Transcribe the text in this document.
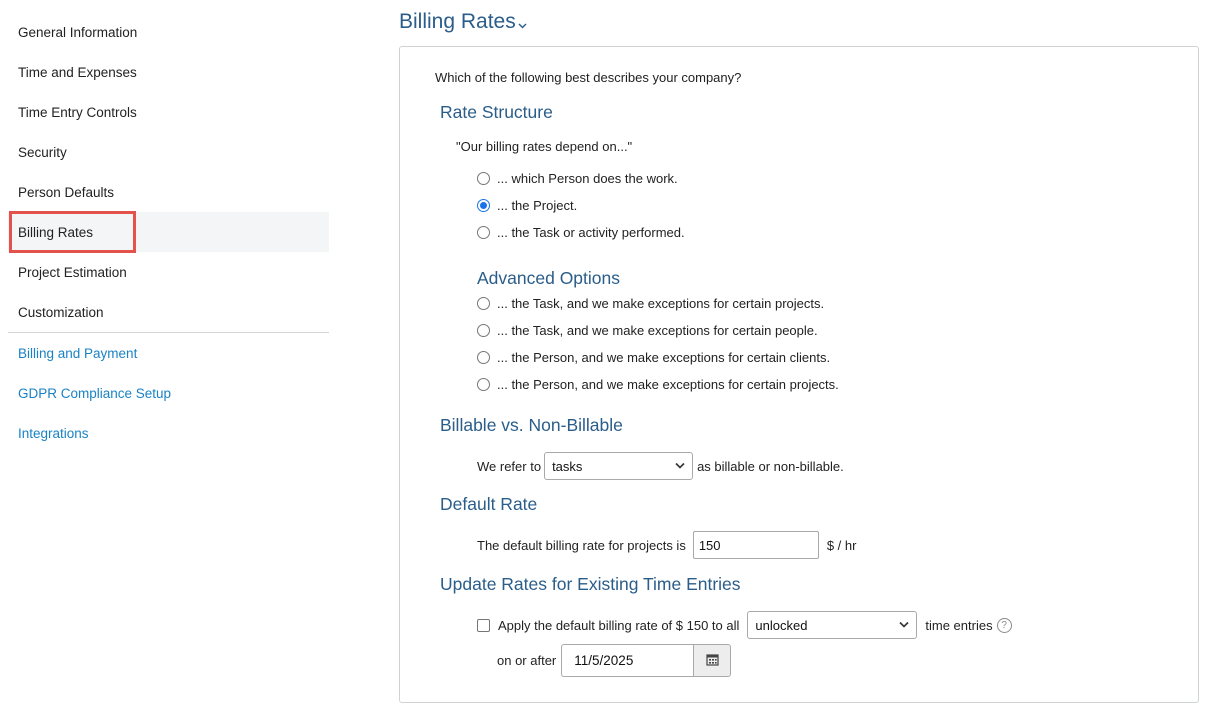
General Information
Time and Expenses
Time Entry Controls
Security
Person Defaults
Billing Rates
Project Estimation
Customization
Billing and Payment
GDPR Compliance Setup
Integrations
Billing Rates
Which of the following best describes your company?
Rate Structure
"Our billing rates depend on..."
... which Person does the work.
... the Project.
... the Task or activity performed.
Advanced Options
... the Task, and we make exceptions for certain projects.
... the Task, and we make exceptions for certain people.
... the Person, and we make exceptions for certain clients.
... the Person, and we make exceptions for certain projects.
Billable vs. Non-Billable
We refer to tasks	as billable or non-billable.
Default Rate
The default billing rate for projects is 150	$ / hr
Update Rates for Existing Time Entries
Apply the default billing rate of $ 150 to all unlocked	time entries ?
on or after 11/5/2025
